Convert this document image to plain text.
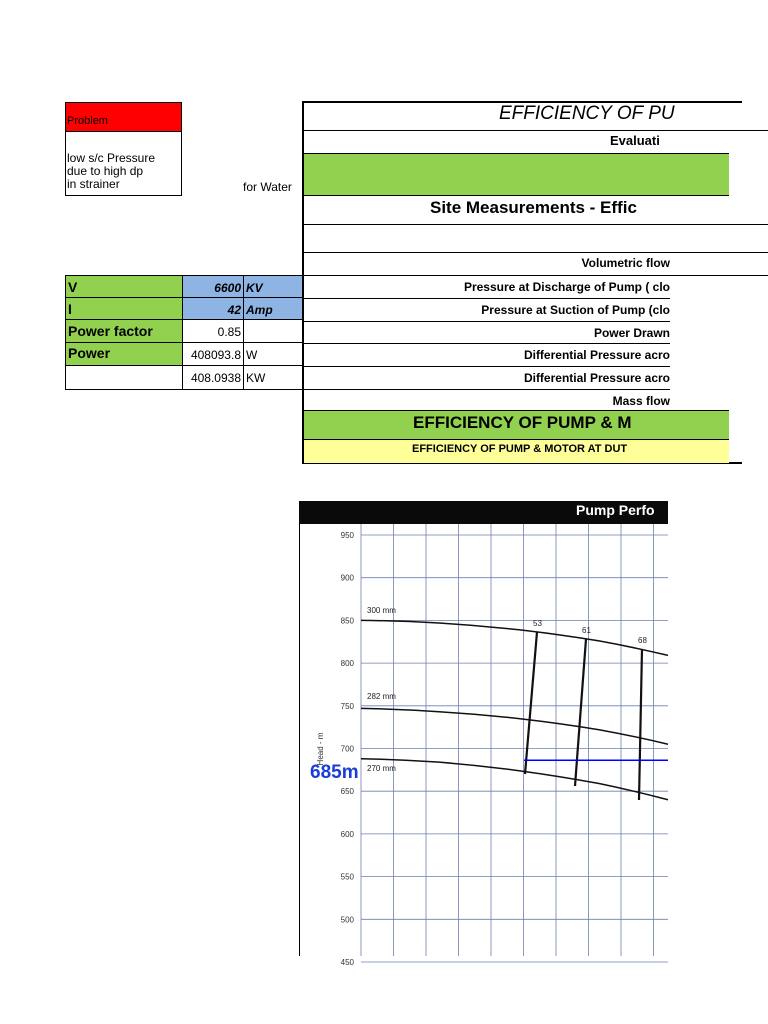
Problem
low s/c Pressure
due to high dp
in strainer	for Water
V	6600 KV
I	42 Amp
Power factor	0.85
Power	408093.8 W
408.0938 KW
EFFICIENCY OF PU
Evaluati
Site Measurements - Effic
Volumetric flow
Pressure at Discharge of Pump ( clo
Pressure at Suction of Pump (clo
Power Drawn
Differential Pressure acro
Differential Pressure acro
Mass flow
EFFICIENCY OF PUMP & M
EFFICIENCY OF PUMP & MOTOR AT DUT
Pump Perfo
950
900
850
800
750
700
650
600
550
500
450
Head - m
300 mm
282 mm
270 mm
53
61
68
685m
